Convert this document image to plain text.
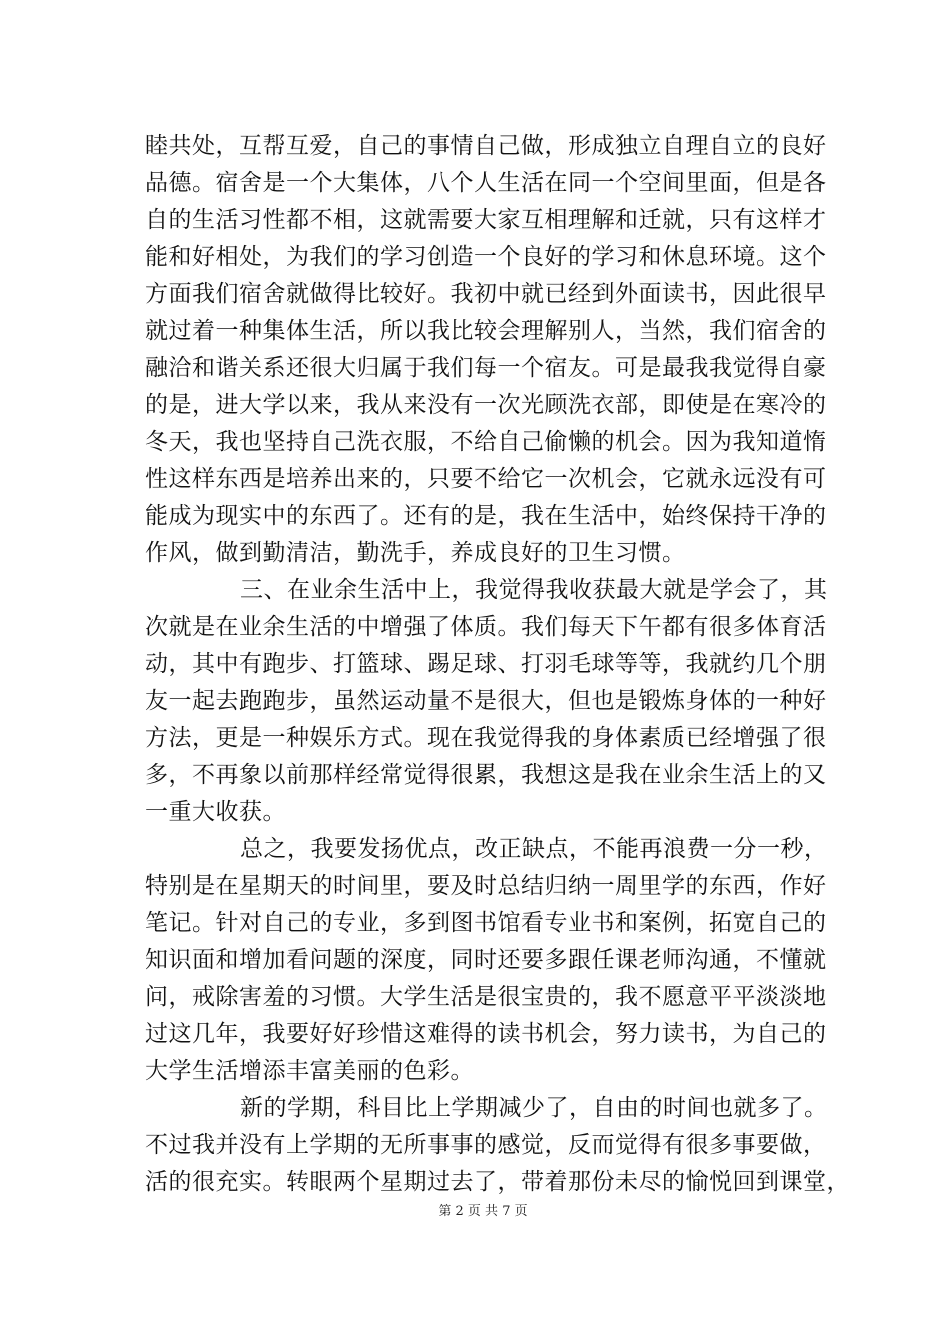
睦共处，互帮互爱，自己的事情自己做，形成独立自理自立的良好
品德。宿舍是一个大集体，八个人生活在同一个空间里面，但是各
自的生活习性都不相，这就需要大家互相理解和迁就，只有这样才
能和好相处，为我们的学习创造一个良好的学习和休息环境。这个
方面我们宿舍就做得比较好。我初中就已经到外面读书，因此很早
就过着一种集体生活，所以我比较会理解别人，当然，我们宿舍的
融洽和谐关系还很大归属于我们每一个宿友。可是最我我觉得自豪
的是，进大学以来，我从来没有一次光顾洗衣部，即使是在寒冷的
冬天，我也坚持自己洗衣服，不给自己偷懒的机会。因为我知道惰
性这样东西是培养出来的，只要不给它一次机会，它就永远没有可
能成为现实中的东西了。还有的是，我在生活中，始终保持干净的
作风，做到勤清洁，勤洗手，养成良好的卫生习惯。
三、在业余生活中上，我觉得我收获最大就是学会了，其
次就是在业余生活的中增强了体质。我们每天下午都有很多体育活
动，其中有跑步、打篮球、踢足球、打羽毛球等等，我就约几个朋
友一起去跑跑步，虽然运动量不是很大，但也是锻炼身体的一种好
方法，更是一种娱乐方式。现在我觉得我的身体素质已经增强了很
多，不再象以前那样经常觉得很累，我想这是我在业余生活上的又
一重大收获。
总之，我要发扬优点，改正缺点，不能再浪费一分一秒，
特别是在星期天的时间里，要及时总结归纳一周里学的东西，作好
笔记。针对自己的专业，多到图书馆看专业书和案例，拓宽自己的
知识面和增加看问题的深度，同时还要多跟任课老师沟通，不懂就
问，戒除害羞的习惯。大学生活是很宝贵的，我不愿意平平淡淡地
过这几年，我要好好珍惜这难得的读书机会，努力读书，为自己的
大学生活增添丰富美丽的色彩。
新的学期，科目比上学期减少了，自由的时间也就多了。
不过我并没有上学期的无所事事的感觉，反而觉得有很多事要做，
活的很充实。转眼两个星期过去了，带着那份未尽的愉悦回到课堂，
第 2 页 共 7 页
